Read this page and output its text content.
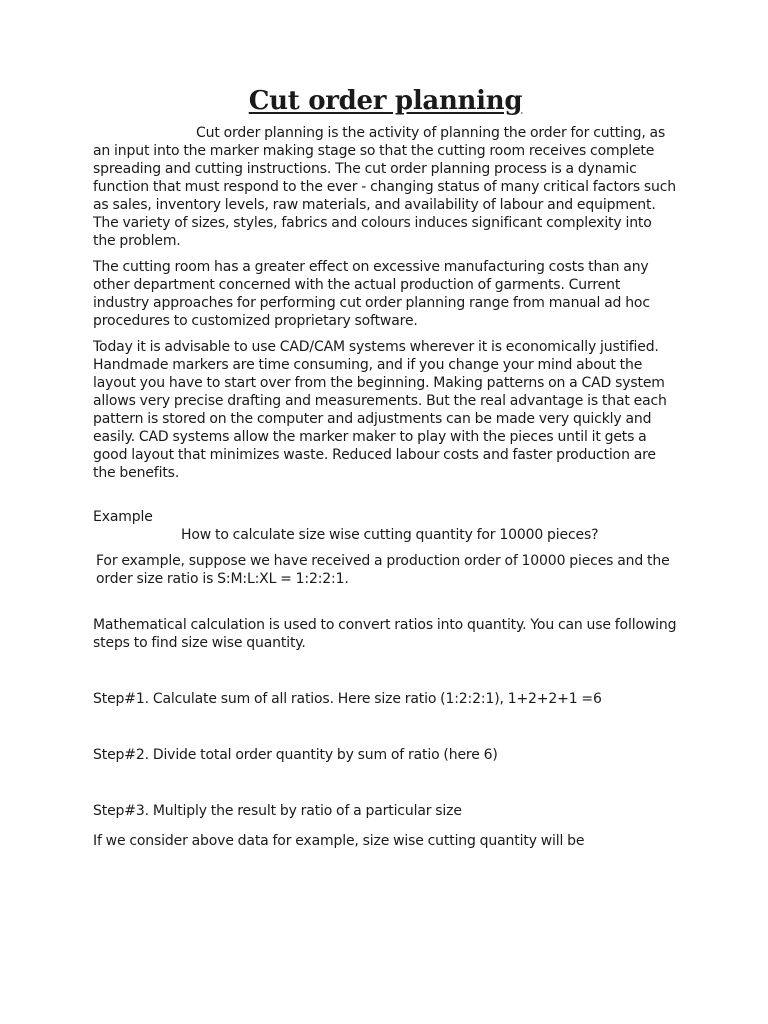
Cut order planning

Cut order planning is the activity of planning the order for cutting, as an input into the marker making stage so that the cutting room receives complete spreading and cutting instructions. The cut order planning process is a dynamic function that must respond to the ever - changing status of many critical factors such as sales, inventory levels, raw materials, and availability of labour and equipment. The variety of sizes, styles, fabrics and colours induces significant complexity into the problem.

The cutting room has a greater effect on excessive manufacturing costs than any other department concerned with the actual production of garments. Current industry approaches for performing cut order planning range from manual ad hoc procedures to customized proprietary software.

Today it is advisable to use CAD/CAM systems wherever it is economically justified. Handmade markers are time consuming, and if you change your mind about the layout you have to start over from the beginning. Making patterns on a CAD system allows very precise drafting and measurements. But the real advantage is that each pattern is stored on the computer and adjustments can be made very quickly and easily. CAD systems allow the marker maker to play with the pieces until it gets a good layout that minimizes waste. Reduced labour costs and faster production are the benefits.

Example

How to calculate size wise cutting quantity for 10000 pieces?

For example, suppose we have received a production order of 10000 pieces and the order size ratio is S:M:L:XL = 1:2:2:1.

Mathematical calculation is used to convert ratios into quantity. You can use following steps to find size wise quantity.

Step#1. Calculate sum of all ratios. Here size ratio (1:2:2:1), 1+2+2+1 =6

Step#2. Divide total order quantity by sum of ratio (here 6)

Step#3. Multiply the result by ratio of a particular size

If we consider above data for example, size wise cutting quantity will be
